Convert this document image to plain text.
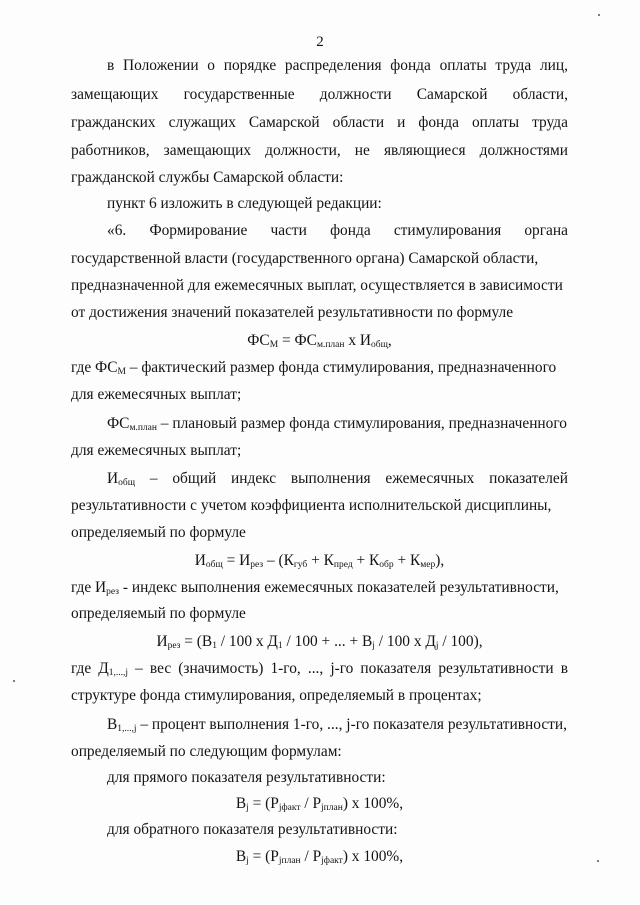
2
в Положении о порядке распределения фонда оплаты труда лиц,
замещающих государственные должности Самарской области,
гражданских служащих Самарской области и фонда оплаты труда
работников, замещающих должности, не являющиеся должностями
гражданской службы Самарской области:
пункт 6 изложить в следующей редакции:
«6. Формирование части фонда стимулирования органа
государственной власти (государственного органа) Самарской области,
предназначенной для ежемесячных выплат, осуществляется в зависимости
от достижения значений показателей результативности по формуле
$ФС_М = ФС_{м.план}$ х $И_{общ}$,
где $ФС_М$ – фактический размер фонда стимулирования, предназначенного
для ежемесячных выплат;
$ФС_{м.план}$ – плановый размер фонда стимулирования, предназначенного
для ежемесячных выплат;
$И_{общ}$ – общий индекс выполнения ежемесячных показателей
результативности с учетом коэффициента исполнительской дисциплины,
определяемый по формуле
$И_{общ} = И_{рез} - (К_{губ} + К_{пред} + К_{обр} + К_{мер})$,
где $И_{рез}$ - индекс выполнения ежемесячных показателей результативности,
определяемый по формуле
$И_{рез} = (В_1 / 100$ х $Д_1 / 100$ + ... + $В_j / 100$ х $Д_j / 100$),
где $Д_{1,...,j}$ – вес (значимость) 1-го, ..., j-го показателя результативности в
структуре фонда стимулирования, определяемый в процентах;
$В_{1,...,j}$ – процент выполнения 1-го, ..., j-го показателя результативности,
определяемый по следующим формулам:
для прямого показателя результативности:
$В_j = (Р_{jфакт} / Р_{jплан})$ х 100%,
для обратного показателя результативности:
$В_j = (Р_{jплан} / Р_{jфакт})$ х 100%,
